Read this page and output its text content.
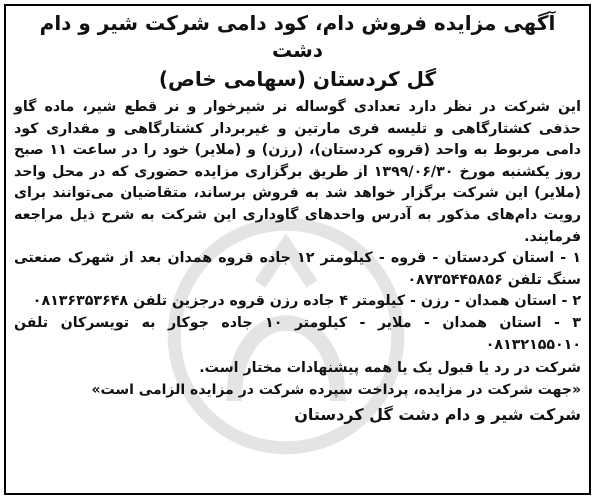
آگهی مزایده فروش دام، کود دامی شرکت شیر و دام دشت
گل کردستان (سهامی خاص)

این شرکت در نظر دارد تعدادی گوساله نر شیرخوار و نر قطع شیر، ماده گاو حذفی کشتارگاهی و تلیسه فری مارتین و غیربردار کشتارگاهی و مقداری کود دامی مربوط به واحد (قروه کردستان)، (رزن) و (ملایر) خود را در ساعت ۱۱ صبح روز یکشنبه مورخ ۱۳۹۹/۰۶/۳۰ از طریق برگزاری مزایده حضوری که در محل واحد (ملایر) این شرکت برگزار خواهد شد به فروش برساند، متقاضیان می‌توانند برای رویت دام‌های مذکور به آدرس واحدهای گاوداری این شرکت به شرح ذیل مراجعه فرمایند.

۱ - استان کردستان - قروه - کیلومتر ۱۲ جاده قروه همدان بعد از شهرک صنعتی سنگ تلفن ۰۸۷۳۵۴۴۵۸۵۶

۲ - استان همدان - رزن - کیلومتر ۴ جاده رزن قروه درجزین تلفن ۰۸۱۳۶۳۵۳۶۴۸

۳ - استان همدان - ملایر - کیلومتر ۱۰ جاده جوکار به تویسرکان تلفن ۰۸۱۳۲۱۵۵۰۱۰

شرکت در رد یا قبول یک یا همه پیشنهادات مختار است.

«جهت شرکت در مزایده، پرداخت سپرده شرکت در مزایده الزامی است»

شرکت شیر و دام دشت گل کردستان
